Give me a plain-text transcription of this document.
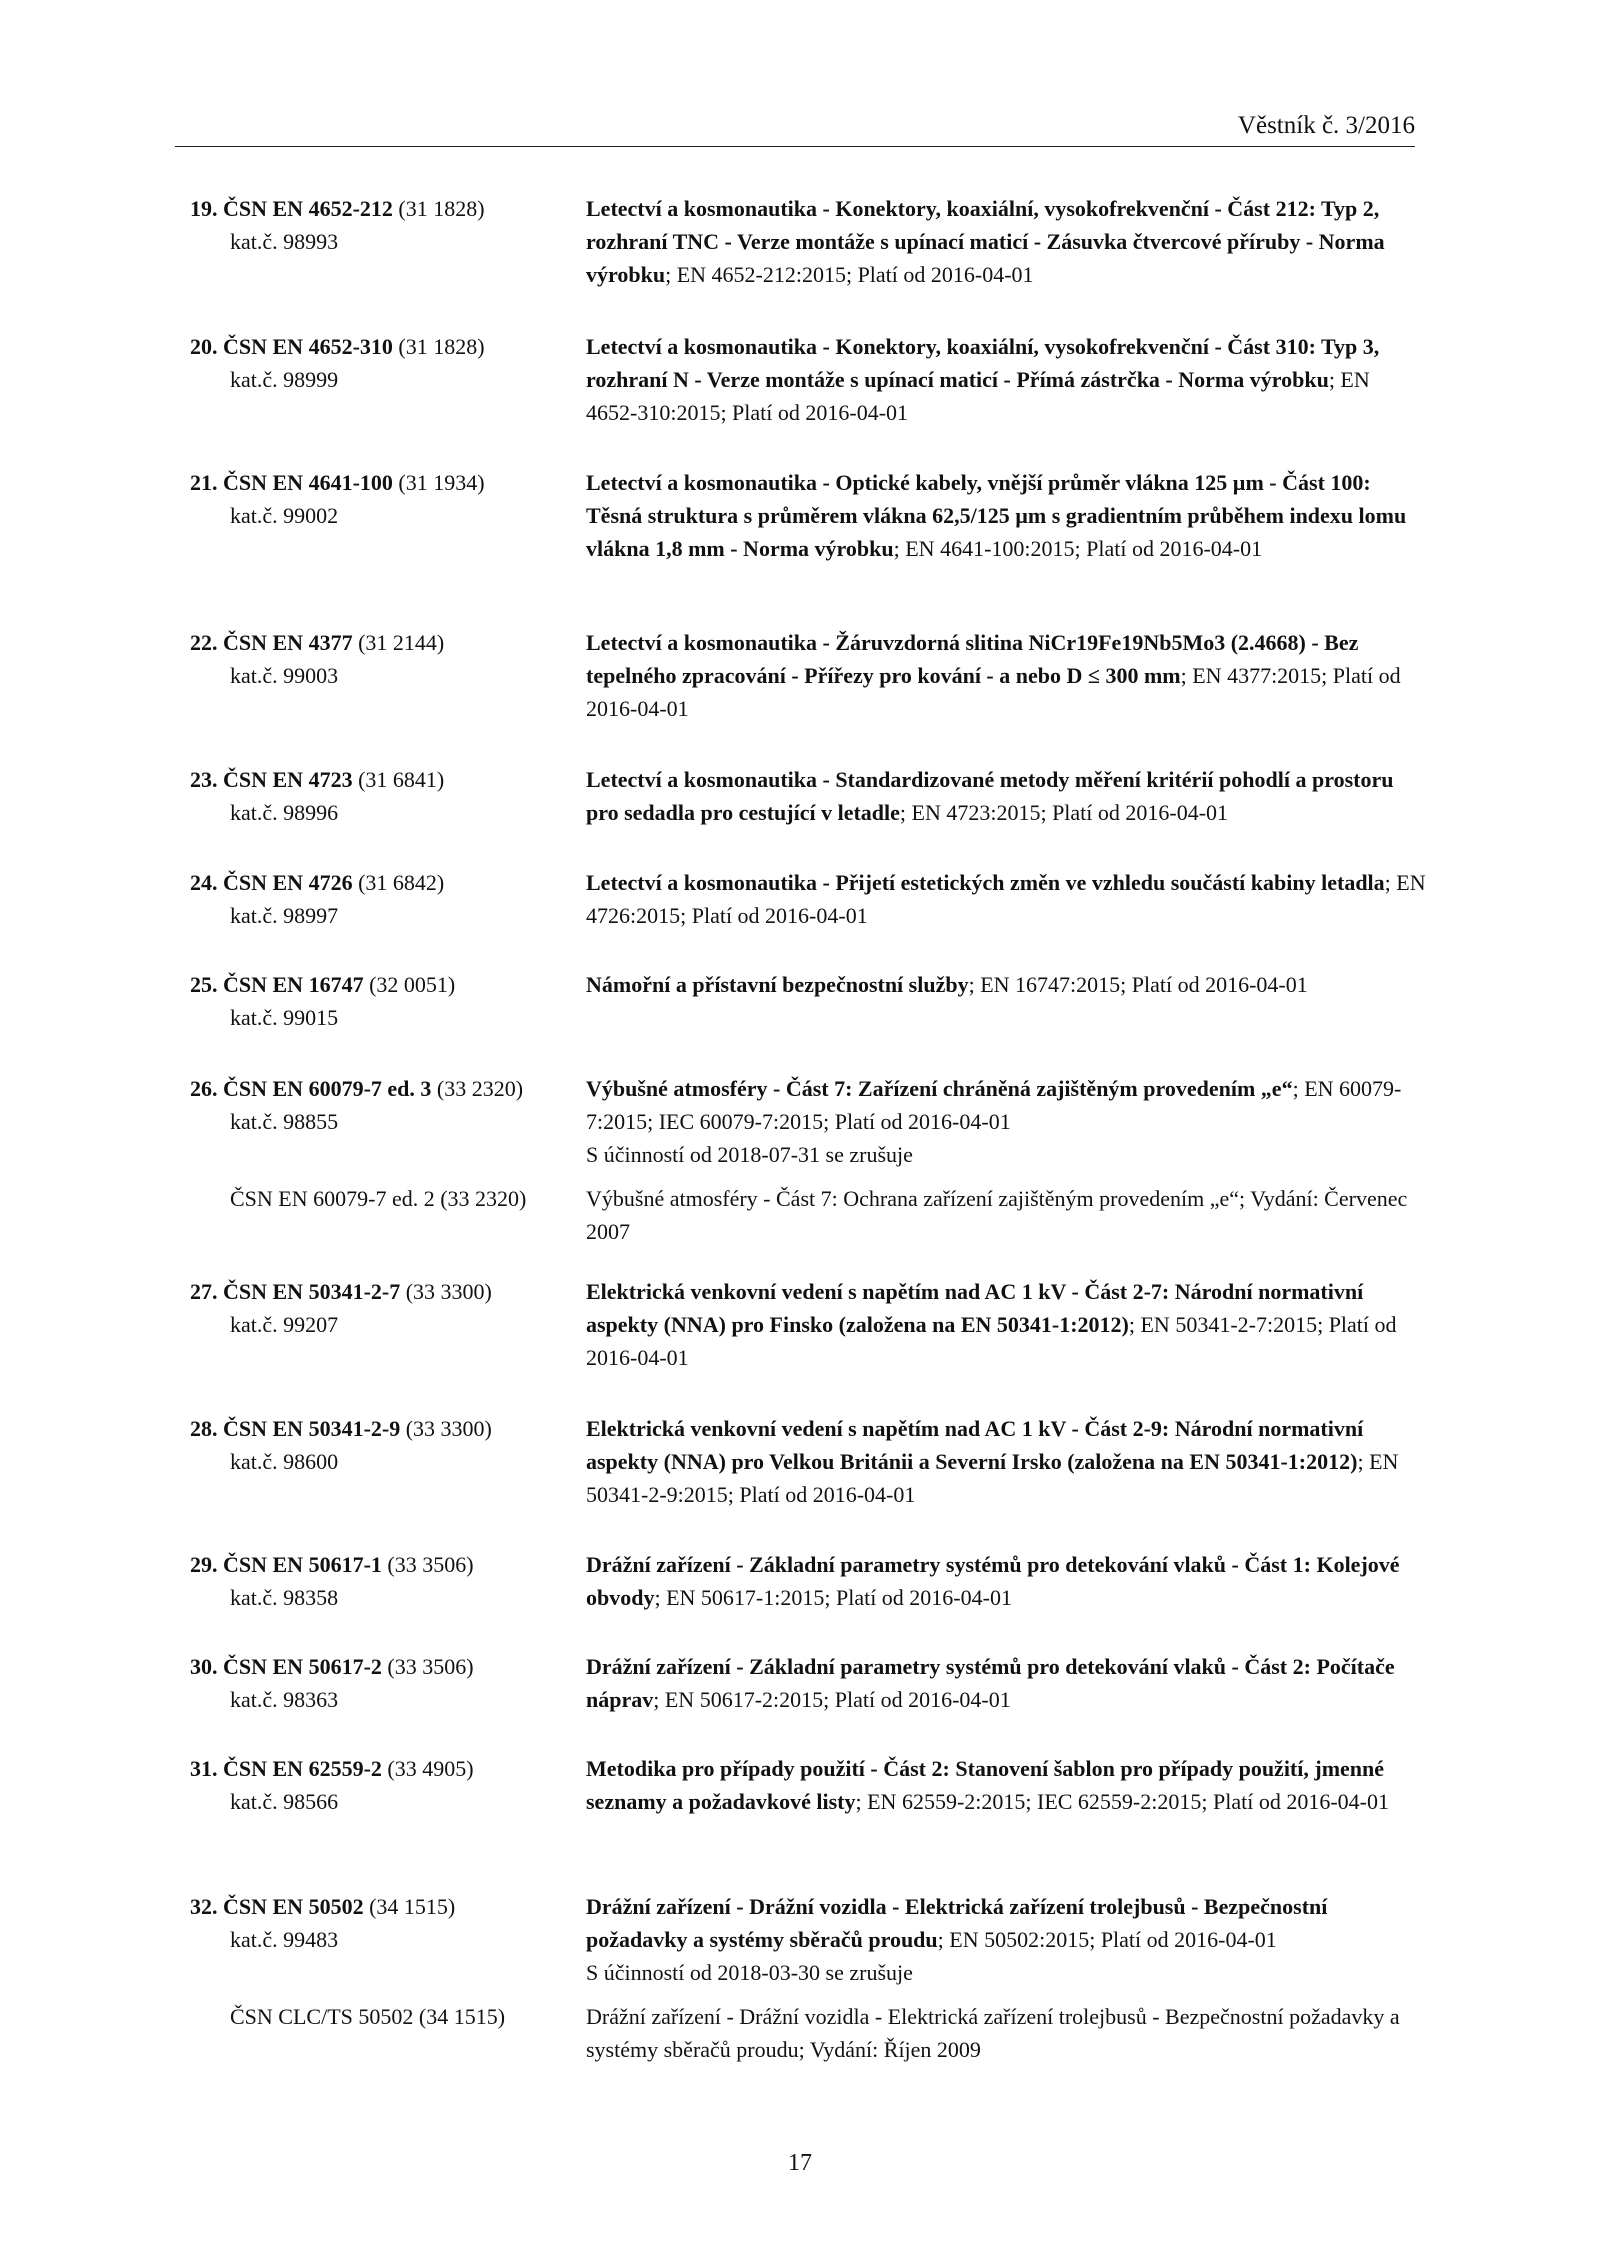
Věstník č. 3/2016
19. ČSN EN 4652-212 (31 1828)
kat.č. 98993
Letectví a kosmonautika - Konektory, koaxiální, vysokofrekvenční - Část 212: Typ 2, rozhraní TNC - Verze montáže s upínací maticí - Zásuvka čtvercové příruby - Norma výrobku; EN 4652-212:2015; Platí od 2016-04-01
20. ČSN EN 4652-310 (31 1828)
kat.č. 98999
Letectví a kosmonautika - Konektory, koaxiální, vysokofrekvenční - Část 310: Typ 3, rozhraní N - Verze montáže s upínací maticí - Přímá zástrčka - Norma výrobku; EN 4652-310:2015; Platí od 2016-04-01
21. ČSN EN 4641-100 (31 1934)
kat.č. 99002
Letectví a kosmonautika - Optické kabely, vnější průměr vlákna 125 µm - Část 100: Těsná struktura s průměrem vlákna 62,5/125 µm s gradientním průběhem indexu lomu vlákna 1,8 mm - Norma výrobku; EN 4641-100:2015; Platí od 2016-04-01
22. ČSN EN 4377 (31 2144)
kat.č. 99003
Letectví a kosmonautika - Žáruvzdorná slitina NiCr19Fe19Nb5Mo3 (2.4668) - Bez tepelného zpracování - Přířezy pro kování - a nebo D ≤ 300 mm; EN 4377:2015; Platí od 2016-04-01
23. ČSN EN 4723 (31 6841)
kat.č. 98996
Letectví a kosmonautika - Standardizované metody měření kritérií pohodlí a prostoru pro sedadla pro cestující v letadle; EN 4723:2015; Platí od 2016-04-01
24. ČSN EN 4726 (31 6842)
kat.č. 98997
Letectví a kosmonautika - Přijetí estetických změn ve vzhledu součástí kabiny letadla; EN 4726:2015; Platí od 2016-04-01
25. ČSN EN 16747 (32 0051)
kat.č. 99015
Námořní a přístavní bezpečnostní služby; EN 16747:2015; Platí od 2016-04-01
26. ČSN EN 60079-7 ed. 3 (33 2320)
kat.č. 98855
Výbušné atmosféry - Část 7: Zařízení chráněná zajištěným provedením „e“; EN 60079-7:2015; IEC 60079-7:2015; Platí od 2016-04-01
S účinností od 2018-07-31 se zrušuje
ČSN EN 60079-7 ed. 2 (33 2320)	Výbušné atmosféry - Část 7: Ochrana zařízení zajištěným provedením „e“; Vydání: Červenec 2007
27. ČSN EN 50341-2-7 (33 3300)
kat.č. 99207
Elektrická venkovní vedení s napětím nad AC 1 kV - Část 2-7: Národní normativní aspekty (NNA) pro Finsko (založena na EN 50341-1:2012); EN 50341-2-7:2015; Platí od 2016-04-01
28. ČSN EN 50341-2-9 (33 3300)
kat.č. 98600
Elektrická venkovní vedení s napětím nad AC 1 kV - Část 2-9: Národní normativní aspekty (NNA) pro Velkou Británii a Severní Irsko (založena na EN 50341-1:2012); EN 50341-2-9:2015; Platí od 2016-04-01
29. ČSN EN 50617-1 (33 3506)
kat.č. 98358
Drážní zařízení - Základní parametry systémů pro detekování vlaků - Část 1: Kolejové obvody; EN 50617-1:2015; Platí od 2016-04-01
30. ČSN EN 50617-2 (33 3506)
kat.č. 98363
Drážní zařízení - Základní parametry systémů pro detekování vlaků - Část 2: Počítače náprav; EN 50617-2:2015; Platí od 2016-04-01
31. ČSN EN 62559-2 (33 4905)
kat.č. 98566
Metodika pro případy použití - Část 2: Stanovení šablon pro případy použití, jmenné seznamy a požadavkové listy; EN 62559-2:2015; IEC 62559-2:2015; Platí od 2016-04-01
32. ČSN EN 50502 (34 1515)
kat.č. 99483
Drážní zařízení - Drážní vozidla - Elektrická zařízení trolejbusů - Bezpečnostní požadavky a systémy sběračů proudu; EN 50502:2015; Platí od 2016-04-01
S účinností od 2018-03-30 se zrušuje
ČSN CLC/TS 50502 (34 1515)	Drážní zařízení - Drážní vozidla - Elektrická zařízení trolejbusů - Bezpečnostní požadavky a systémy sběračů proudu; Vydání: Říjen 2009
17
